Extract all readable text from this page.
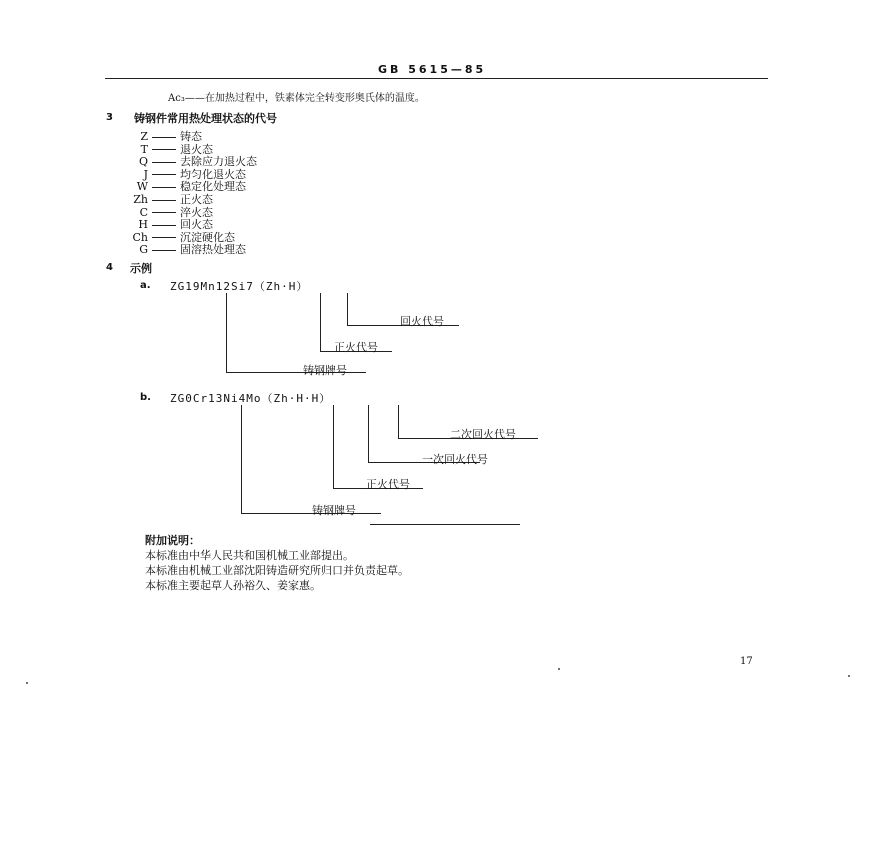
GB 5615—85
Ac₃——在加热过程中，铁素体完全转变形奥氏体的温度。
3 铸钢件常用热处理状态的代号
Z	铸态
T	退火态
Q	去除应力退火态
J	均匀化退火态
W	稳定化处理态
Zh	正火态
C	淬火态
H	回火态
Ch	沉淀硬化态
G	固溶热处理态
4 示例
a. ZG19Mn12Si7（Zh·H）
回火代号
正火代号
铸钢牌号
b. ZG0Cr13Ni4Mo（Zh·H·H）
二次回火代号
一次回火代号
正火代号
铸钢牌号
附加说明：
本标准由中华人民共和国机械工业部提出。
本标准由机械工业部沈阳铸造研究所归口并负责起草。
本标准主要起草人孙裕久、姜家惠。
17
